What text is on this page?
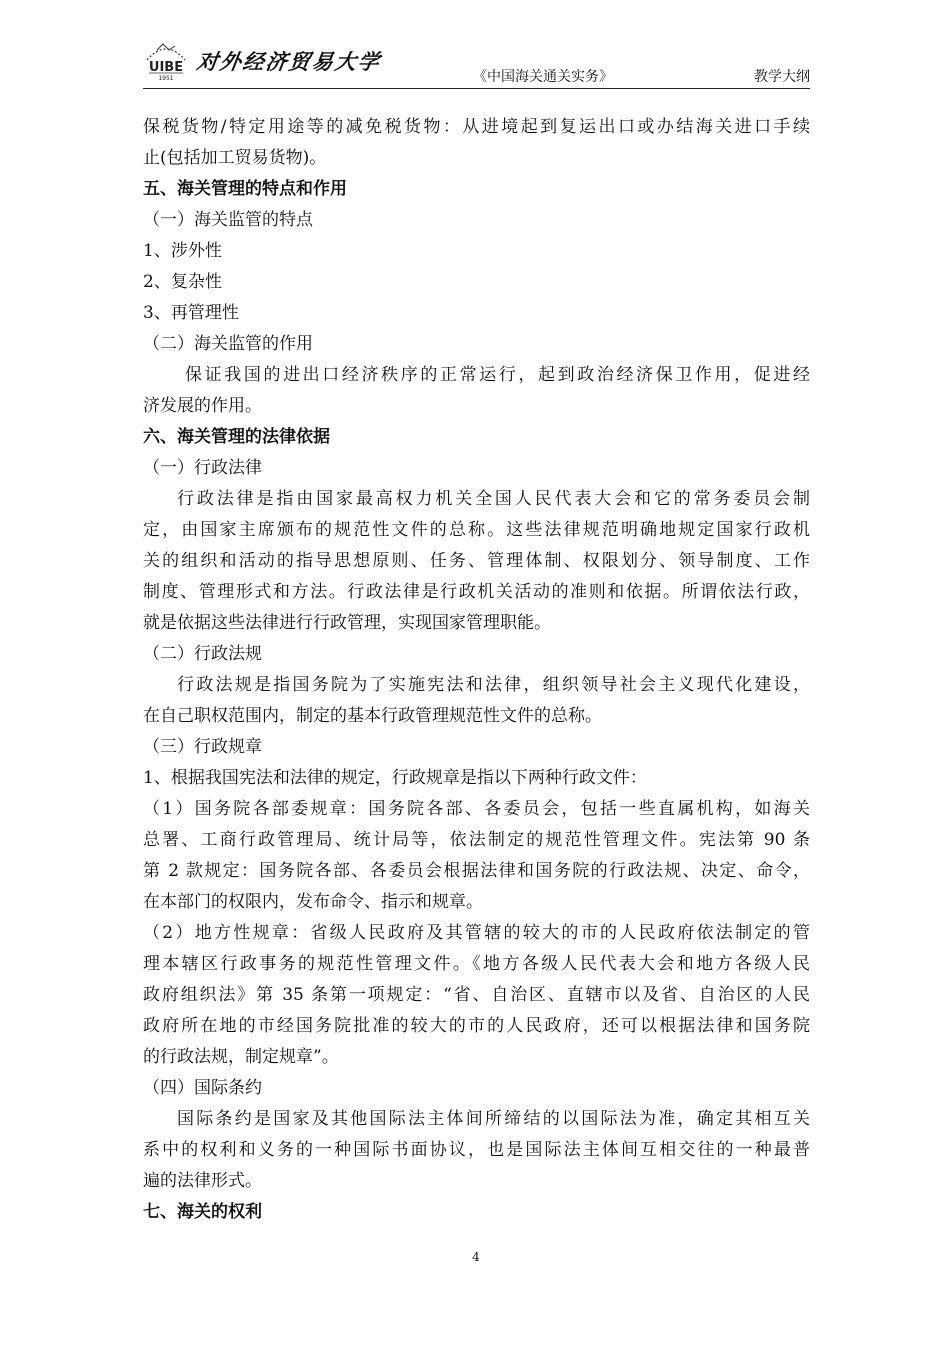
UIBE
1951
对外经济贸易大学
《中国海关通关实务》	教学大纲
保税货物/特定用途等的减免税货物：从进境起到复运出口或办结海关进口手续
止(包括加工贸易货物)。
五、海关管理的特点和作用
（一）海关监管的特点
1、涉外性
2、复杂性
3、再管理性
（二）海关监管的作用
保证我国的进出口经济秩序的正常运行，起到政治经济保卫作用，促进经
济发展的作用。
六、海关管理的法律依据
（一）行政法律
行政法律是指由国家最高权力机关全国人民代表大会和它的常务委员会制
定，由国家主席颁布的规范性文件的总称。这些法律规范明确地规定国家行政机
关的组织和活动的指导思想原则、任务、管理体制、权限划分、领导制度、工作
制度、管理形式和方法。行政法律是行政机关活动的准则和依据。所谓依法行政，
就是依据这些法律进行行政管理，实现国家管理职能。
（二）行政法规
行政法规是指国务院为了实施宪法和法律，组织领导社会主义现代化建设，
在自己职权范围内，制定的基本行政管理规范性文件的总称。
（三）行政规章
1、根据我国宪法和法律的规定，行政规章是指以下两种行政文件：
（1）国务院各部委规章：国务院各部、各委员会，包括一些直属机构，如海关
总署、工商行政管理局、统计局等，依法制定的规范性管理文件。宪法第 90 条
第 2 款规定：国务院各部、各委员会根据法律和国务院的行政法规、决定、命令，
在本部门的权限内，发布命令、指示和规章。
（2）地方性规章：省级人民政府及其管辖的较大的市的人民政府依法制定的管
理本辖区行政事务的规范性管理文件。《地方各级人民代表大会和地方各级人民
政府组织法》第 35 条第一项规定：“省、自治区、直辖市以及省、自治区的人民
政府所在地的市经国务院批准的较大的市的人民政府，还可以根据法律和国务院
的行政法规，制定规章”。
（四）国际条约
国际条约是国家及其他国际法主体间所缔结的以国际法为准，确定其相互关
系中的权利和义务的一种国际书面协议，也是国际法主体间互相交往的一种最普
遍的法律形式。
七、海关的权利
4
